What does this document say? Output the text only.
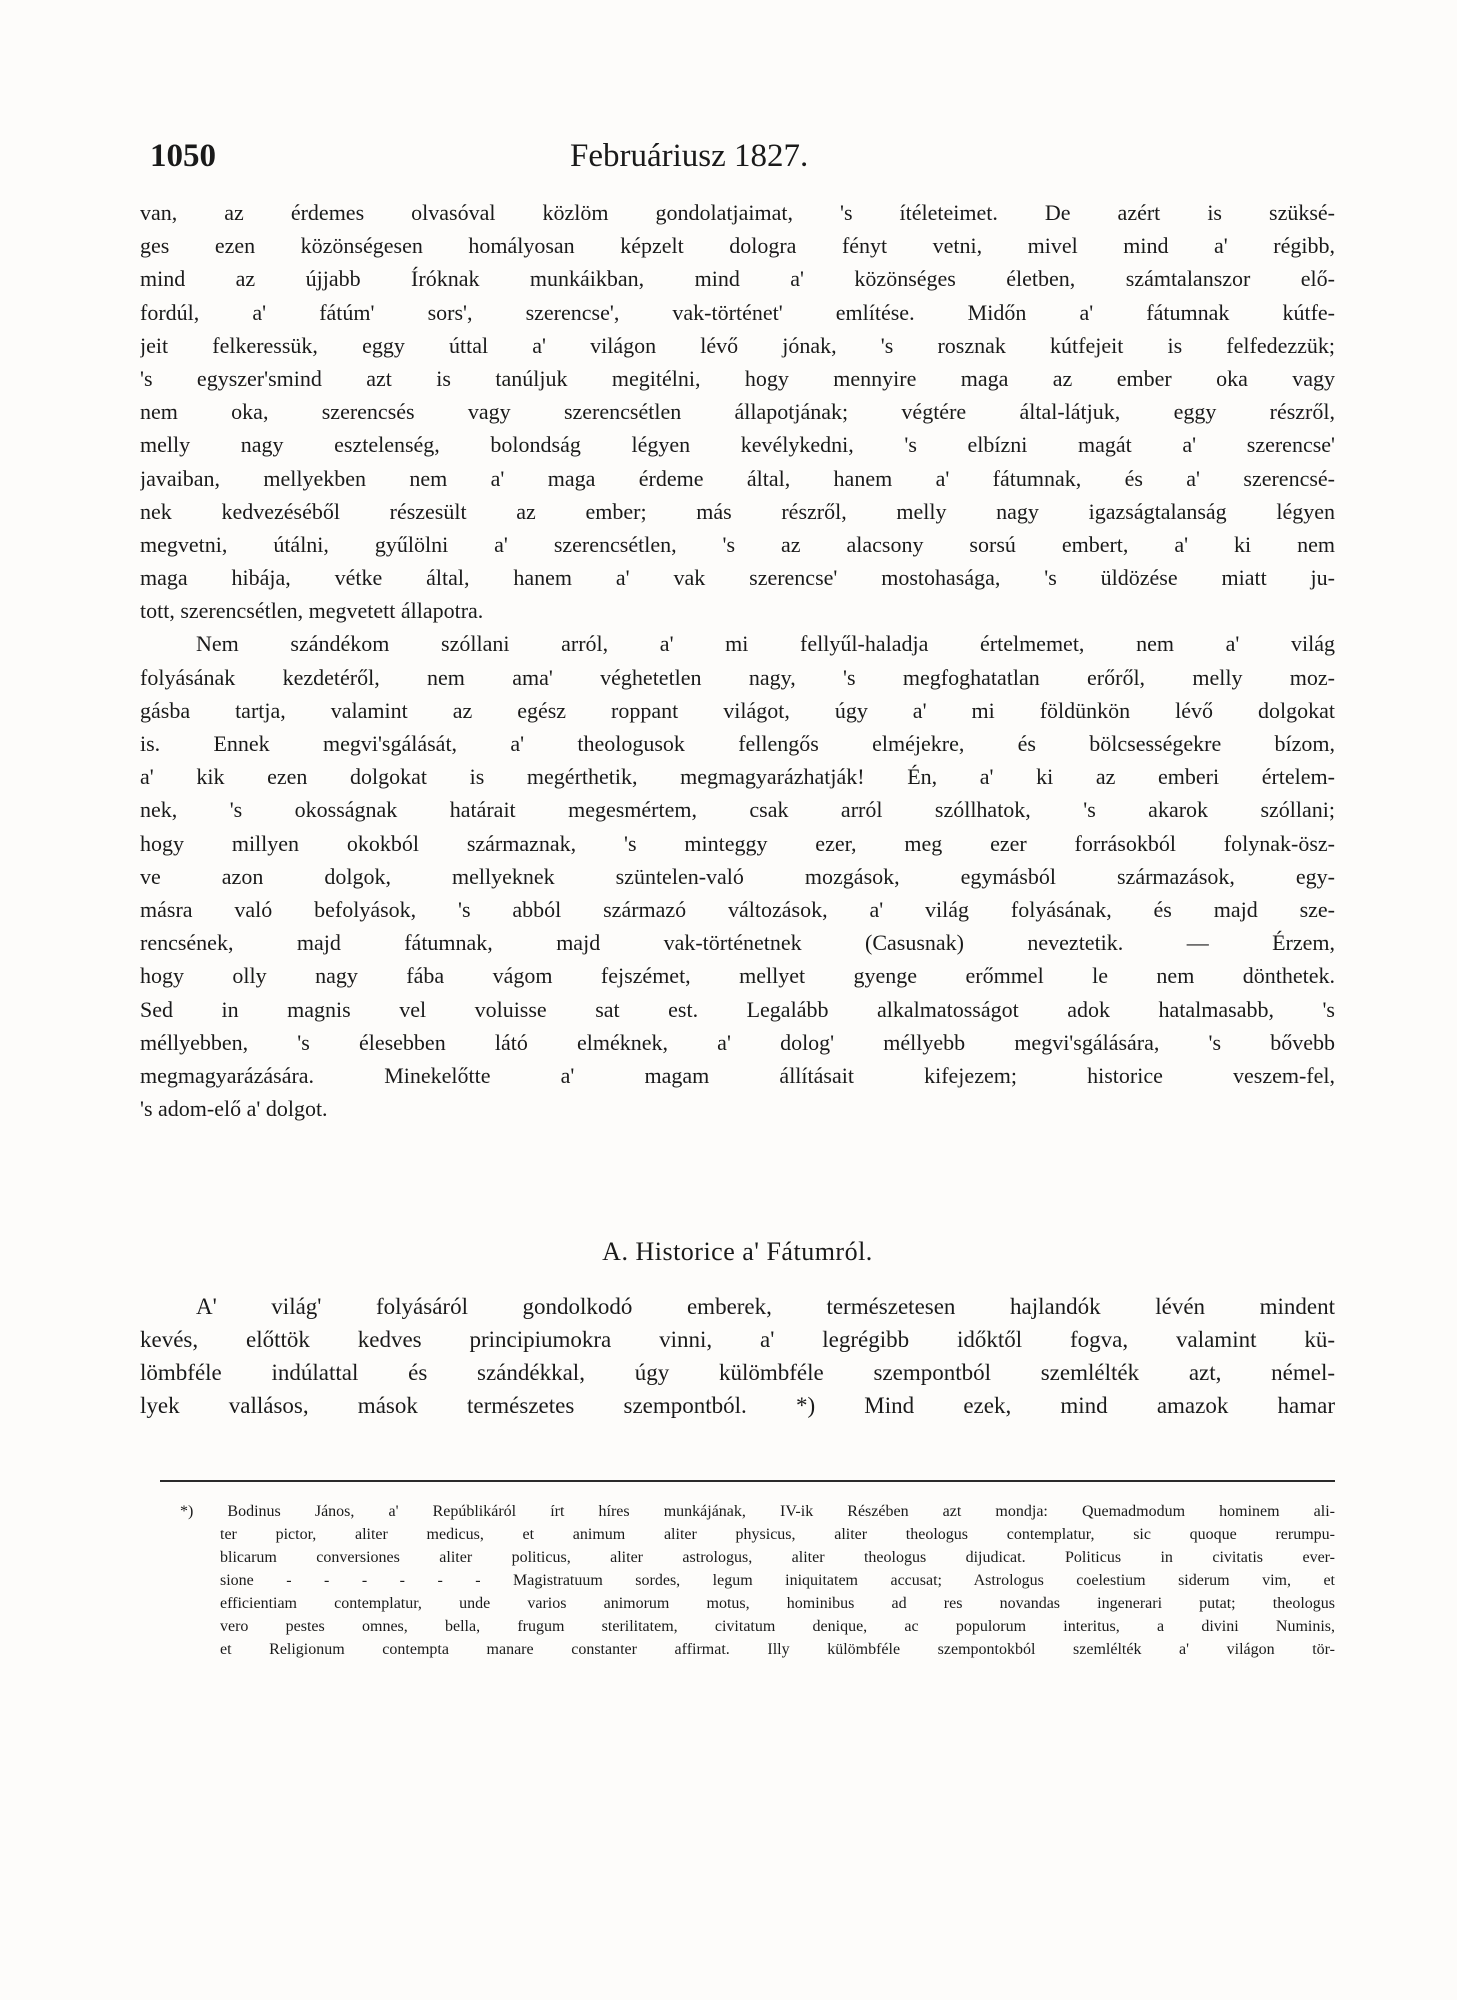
1050	Februáriusz 1827.
van, az érdemes olvasóval közlöm gondolatjaimat, 's ítéleteimet. De azért is szüksé-
ges ezen közönségesen homályosan képzelt dologra fényt vetni, mivel mind a' régibb,
mind az újjabb Íróknak munkáikban, mind a' közönséges életben, számtalanszor elő-
fordúl, a' fátúm' sors', szerencse', vak-történet' említése. Midőn a' fátumnak kútfe-
jeit felkeressük, eggy úttal a' világon lévő jónak, 's rosznak kútfejeit is felfedezzük;
's egyszer'smind azt is tanúljuk megitélni, hogy mennyire maga az ember oka vagy
nem oka, szerencsés vagy szerencsétlen állapotjának; végtére által-látjuk, eggy részről,
melly nagy esztelenség, bolondság légyen kevélykedni, 's elbízni magát a' szerencse'
javaiban, mellyekben nem a' maga érdeme által, hanem a' fátumnak, és a' szerencsé-
nek kedvezéséből részesült az ember; más részről, melly nagy igazságtalanság légyen
megvetni, útálni, gyűlölni a' szerencsétlen, 's az alacsony sorsú embert, a' ki nem
maga hibája, vétke által, hanem a' vak szerencse' mostohasága, 's üldözése miatt ju-
tott, szerencsétlen, megvetett állapotra.
Nem szándékom szóllani arról, a' mi fellyűl-haladja értelmemet, nem a' világ
folyásának kezdetéről, nem ama' véghetetlen nagy, 's megfoghatatlan erőről, melly moz-
gásba tartja, valamint az egész roppant világot, úgy a' mi földünkön lévő dolgokat
is. Ennek megvi'sgálását, a' theologusok fellengős elméjekre, és bölcsességekre bízom,
a' kik ezen dolgokat is megérthetik, megmagyarázhatják! Én, a' ki az emberi értelem-
nek, 's okosságnak határait megesmértem, csak arról szóllhatok, 's akarok szóllani;
hogy millyen okokból származnak, 's minteggy ezer, meg ezer forrásokból folynak-ösz-
ve azon dolgok, mellyeknek szüntelen-való mozgások, egymásból származások, egy-
másra való befolyások, 's abból származó változások, a' világ folyásának, és majd sze-
rencsének, majd fátumnak, majd vak-történetnek (Casusnak) neveztetik. — Érzem,
hogy olly nagy fába vágom fejszémet, mellyet gyenge erőmmel le nem dönthetek.
Sed in magnis vel voluisse sat est. Legalább alkalmatosságot adok hatalmasabb, 's
méllyebben, 's élesebben látó elméknek, a' dolog' méllyebb megvi'sgálására, 's bővebb
megmagyarázására. Minekelőtte a' magam állításait kifejezem; historice veszem-fel,
's adom-elő a' dolgot.
A. Historice a' Fátumról.
A' világ' folyásáról gondolkodó emberek, természetesen hajlandók lévén mindent
kevés, előttök kedves principiumokra vinni, a' legrégibb időktől fogva, valamint kü-
lömbféle indúlattal és szándékkal, úgy külömbféle szempontból szemlélték azt, némel-
lyek vallásos, mások természetes szempontból. *) Mind ezek, mind amazok hamar
*) Bodinus János, a' Repúblikáról írt híres munkájának, IV-ik Részében azt mondja: Quemadmodum hominem ali-
ter pictor, aliter medicus, et animum aliter physicus, aliter theologus contemplatur, sic quoque rerumpu-
blicarum conversiones aliter politicus, aliter astrologus, aliter theologus dijudicat. Politicus in civitatis ever-
sione - - - - - - Magistratuum sordes, legum iniquitatem accusat; Astrologus coelestium siderum vim, et
efficientiam contemplatur, unde varios animorum motus, hominibus ad res novandas ingenerari putat; theologus
vero pestes omnes, bella, frugum sterilitatem, civitatum denique, ac populorum interitus, a divini Numinis,
et Religionum contempta manare constanter affirmat. Illy külömbféle szempontokból szemlélték a' világon tör-
